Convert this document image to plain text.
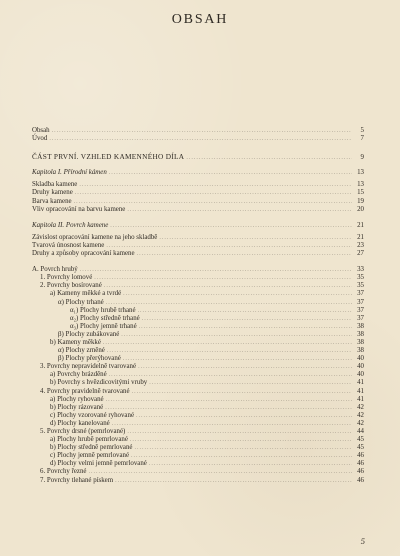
OBSAH
Obsah .....	5
Úvod .....	7
ČÁST PRVNÍ. VZHLED KAMENNÉHO DÍLA .....	9
Kapitola I. Přírodní kámen .....	13
Skladba kamene .....	13
Druhy kamene .....	15
Barva kamene .....	19
Vliv opracování na barvu kamene .....	20
Kapitola II. Povrch kamene .....	21
Závislost opracování kamene na jeho skladbě .....	21
Tvarová únosnost kamene .....	23
Druhy a způsoby opracování kamene .....	27
A. Povrch hrubý .....	33
1. Povrchy lomové .....	35
2. Povrchy bosírované .....	35
a) Kameny měkké a tvrdé .....	37
α) Plochy trhané .....	37
α₁) Plochy hrubě trhané .....	37
α₂) Plochy středně trhané .....	37
α₃) Plochy jemně trhané .....	38
β) Plochy zubákované .....	38
b) Kameny měkké .....	38
α) Plochy zrněné .....	38
β) Plochy přerýhované .....	40
3. Povrchy nepravidelně tvarované .....	40
a) Povrchy brázděné .....	40
b) Povrchy s hvězdicovitými vruby .....	41
4. Povrchy pravidelně tvarované .....	41
a) Plochy ryhované .....	41
b) Plochy rázované .....	42
c) Plochy vzorované ryhované .....	42
d) Plochy kanelované .....	42
5. Povrchy drsné (pemrlované) .....	44
a) Plochy hrubě pemrlované .....	45
b) Plochy středně pemrlované .....	45
c) Plochy jemně pemrlované .....	46
d) Plochy velmi jemně pemrlované .....	46
6. Povrchy řezné .....	46
7. Povrchy tlehané pískem .....	46
5
